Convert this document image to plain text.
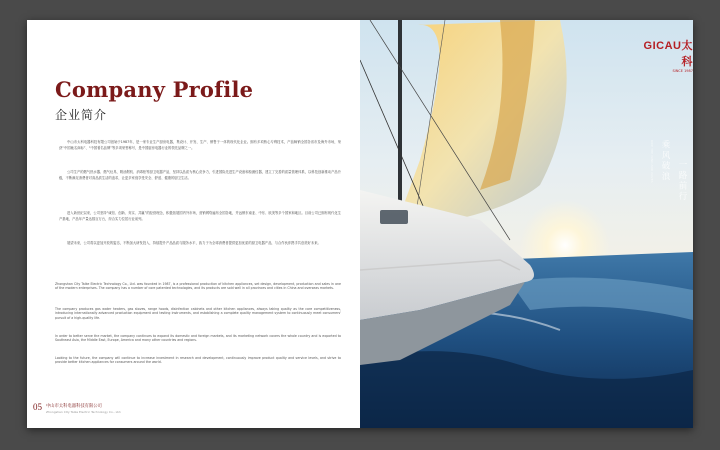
Company Profile
企业简介

中山市太科电器科技有限公司创始于1987年，是一家专业生产厨房电器，集设计、开发、生产、销售于一体的现代化企业。拥有多项核心专利技术，产品畅销全国各省市及海外市场，荣获“中国驰名商标”、“中国著名品牌”等多项荣誉称号，是中国厨房电器行业的领先品牌之一。

公司生产的燃气热水器、燃气灶具、吸油烟机、消毒柜等厨卫电器产品，坚持以品质为核心竞争力，引进国际先进生产设备和检测仪器，建立了完善的质量管理体系，以科技创新推动产品升级，不断满足消费者对高品质生活的追求，让更多家庭享受安全、舒适、健康的厨卫生活。

进入新世纪以来，公司坚持“诚信、创新、务实、共赢”的经营理念，积极拓展国内外市场，营销网络遍布全国各地，并远销东南亚、中东、欧美等多个国家和地区。目前公司已拥有现代化生产基地，产品年产量达数百万台，综合实力位居行业前列。

展望未来，公司将以更加开放的姿态，不断加大研发投入，持续提升产品品质与服务水平，致力于为全球消费者提供更加优质的厨卫电器产品，与合作伙伴携手共创美好未来。

Zhongshan City Taike Electric Technology Co., Ltd. was founded in 1987, is a professional production of kitchen appliances, set design, development, production and sales in one of the modern enterprises. The company has a number of core patented technologies, and its products are sold well in all provinces and cities in China and overseas markets.

The company produces gas water heaters, gas stoves, range hoods, disinfection cabinets and other kitchen appliances, always taking quality as the core competitiveness, introducing internationally advanced production equipment and testing instruments, and establishing a complete quality management system to continuously meet consumers' pursuit of a high-quality life.

In order to better serve the market, the company continues to expand its domestic and foreign markets, and its marketing network covers the whole country and is exported to Southeast Asia, the Middle East, Europe, America and many other countries and regions.

Looking to the future, the company will continue to increase investment in research and development, continuously improve product quality and service levels, and strive to provide better kitchen appliances for consumers around the world.

05 中山市太科电器科技有限公司
Zhongshan City Taike Electric Technology Co., Ltd.
GICAU太科
SINCE 1987
RIDE THE WIND AND WAVES 乘风破浪 一路前行
